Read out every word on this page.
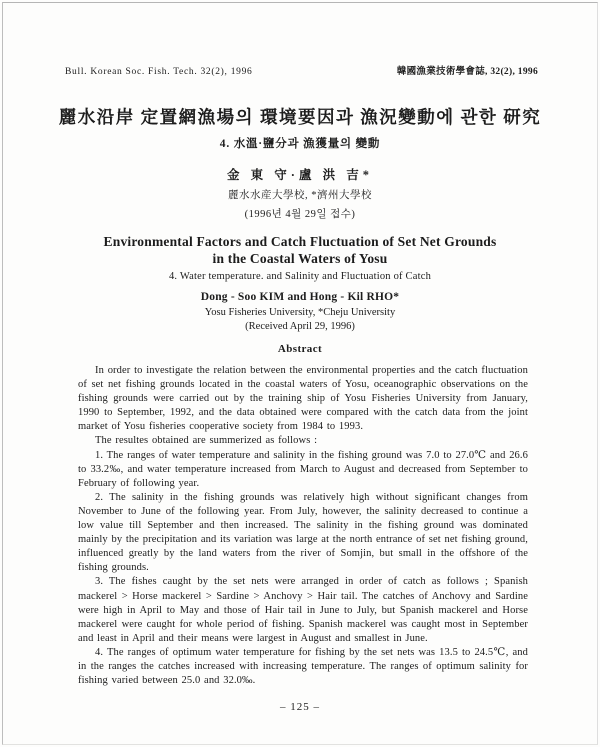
Bull. Korean Soc. Fish. Tech. 32(2), 1996	韓國漁業技術學會誌, 32(2), 1996
麗水沿岸 定置網漁場의 環境要因과 漁況變動에 관한 研究
4. 水溫·鹽分과 漁獲量의 變動
金 東 守·盧 洪 吉*
麗水水産大學校, *濟州大學校
(1996년 4월 29일 접수)
Environmental Factors and Catch Fluctuation of Set Net Grounds
in the Coastal Waters of Yosu
4. Water temperature. and Salinity and Fluctuation of Catch
Dong - Soo KIM and Hong - Kil RHO*
Yosu Fisheries University, *Cheju University
(Received April 29, 1996)
Abstract

In order to investigate the relation between the environmental properties and the catch fluctuation of set net fishing grounds located in the coastal waters of Yosu, oceanographic observations on the fishing grounds were carried out by the training ship of Yosu Fisheries University from January, 1990 to September, 1992, and the data obtained were compared with the catch data from the joint market of Yosu fisheries cooperative society from 1984 to 1993.

The resultes obtained are summerized as follows :

1. The ranges of water temperature and salinity in the fishing ground was 7.0 to 27.0℃ and 26.6 to 33.2‰, and water temperature increased from March to August and decreased from September to February of following year.

2. The salinity in the fishing grounds was relatively high without significant changes from November to June of the following year. From July, however, the salinity decreased to continue a low value till September and then increased. The salinity in the fishing ground was dominated mainly by the precipitation and its variation was large at the north entrance of set net fishing ground, influenced greatly by the land waters from the river of Somjin, but small in the offshore of the fishing grounds.

3. The fishes caught by the set nets were arranged in order of catch as follows ; Spanish mackerel > Horse mackerel > Sardine > Anchovy > Hair tail. The catches of Anchovy and Sardine were high in April to May and those of Hair tail in June to July, but Spanish mackerel and Horse mackerel were caught for whole period of fishing. Spanish mackerel was caught most in September and least in April and their means were largest in August and smallest in June.

4. The ranges of optimum water temperature for fishing by the set nets was 13.5 to 24.5℃, and in the ranges the catches increased with increasing temperature. The ranges of optimum salinity for fishing varied between 25.0 and 32.0‰.

– 125 –
